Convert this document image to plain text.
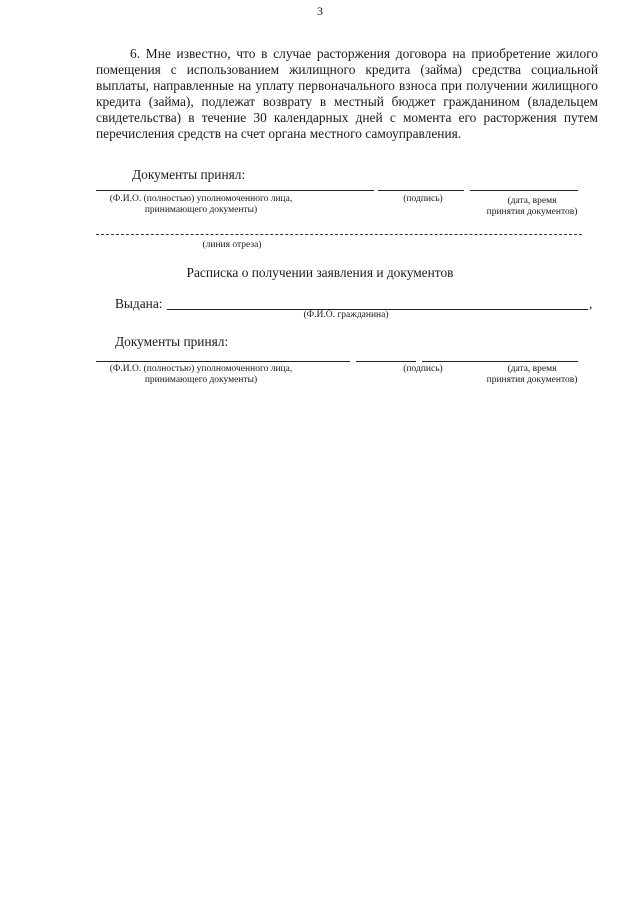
3
6. Мне известно, что в случае расторжения договора на приобретение жилого помещения с использованием жилищного кредита (займа) средства социальной выплаты, направленные на уплату первоначального взноса при получении жилищного кредита (займа), подлежат возврату в местный бюджет гражданином (владельцем свидетельства) в течение 30 календарных дней с момента его расторжения путем перечисления средств на счет органа местного самоуправления.
Документы принял:
(Ф.И.О. (полностью) уполномоченного лица,
принимающего документы)
(подпись)	(дата, время
принятия документов)
(линия отреза)
Расписка о получении заявления и документов
Выдана:	,
(Ф.И.О. гражданина)
Документы принял:
(Ф.И.О. (полностью) уполномоченного лица,
принимающего документы)
(подпись)	(дата, время
принятия документов)
